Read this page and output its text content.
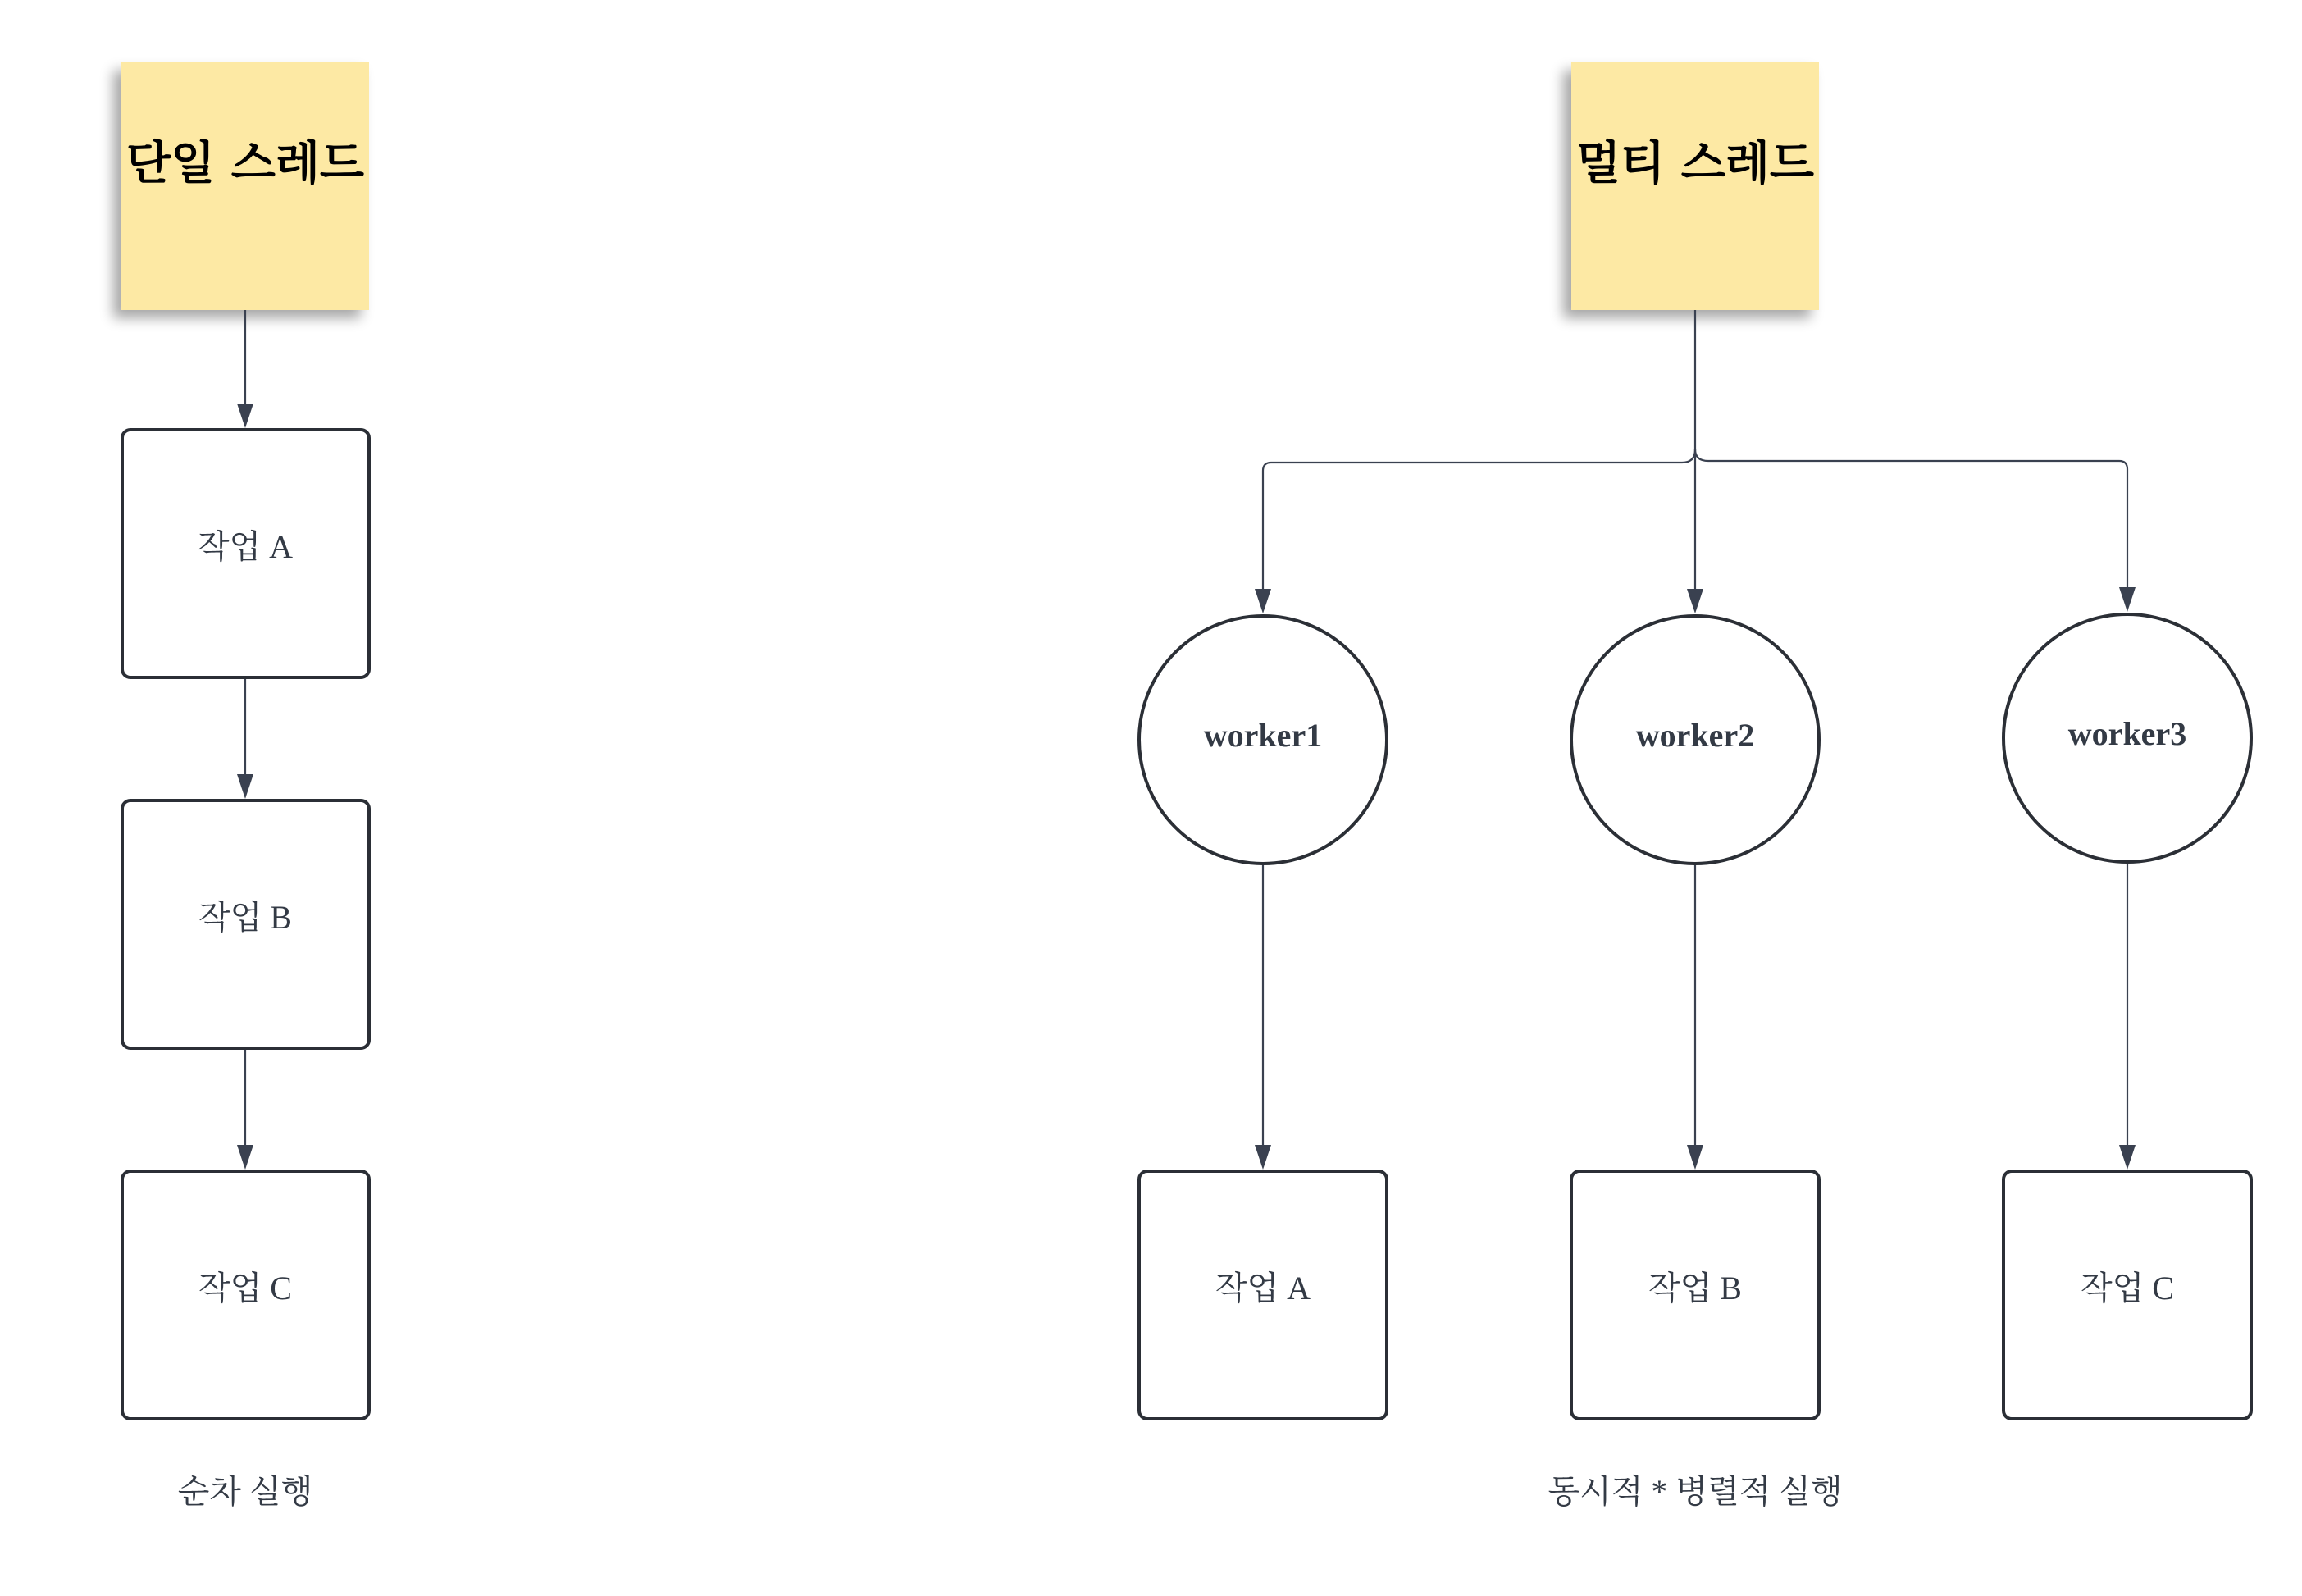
단일 스레드
작업 A
작업 B
작업 C
순차 실행
멀티 스레드
worker1	worker2	worker3
작업 A	작업 B	작업 C
동시적 * 병렬적 실행
